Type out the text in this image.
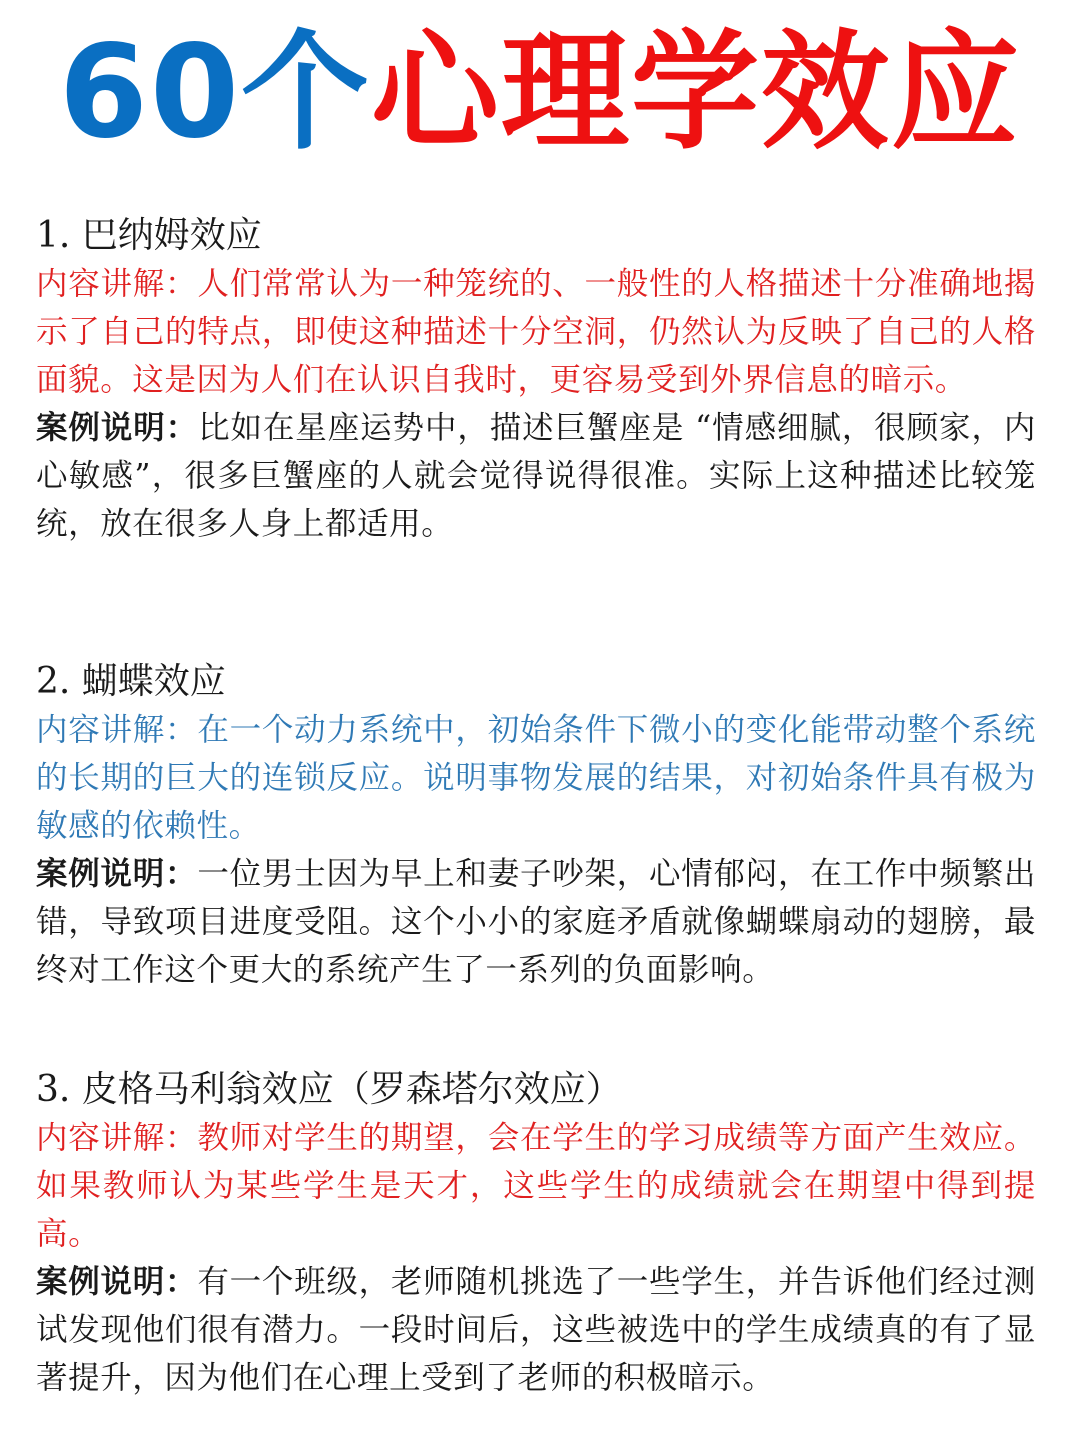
60个心理学效应
1. 巴纳姆效应
内容讲解：人们常常认为一种笼统的、一般性的人格描述十分准确地揭示了自己的特点，即使这种描述十分空洞，仍然认为反映了自己的人格面貌。这是因为人们在认识自我时，更容易受到外界信息的暗示。
案例说明：比如在星座运势中，描述巨蟹座是 “情感细腻，很顾家，内心敏感”，很多巨蟹座的人就会觉得说得很准。实际上这种描述比较笼统，放在很多人身上都适用。
2. 蝴蝶效应
内容讲解：在一个动力系统中，初始条件下微小的变化能带动整个系统的长期的巨大的连锁反应。说明事物发展的结果，对初始条件具有极为敏感的依赖性。
案例说明：一位男士因为早上和妻子吵架，心情郁闷，在工作中频繁出错，导致项目进度受阻。这个小小的家庭矛盾就像蝴蝶扇动的翅膀，最终对工作这个更大的系统产生了一系列的负面影响。
3. 皮格马利翁效应（罗森塔尔效应）
内容讲解：教师对学生的期望，会在学生的学习成绩等方面产生效应。如果教师认为某些学生是天才，这些学生的成绩就会在期望中得到提高。
案例说明：有一个班级，老师随机挑选了一些学生，并告诉他们经过测试发现他们很有潜力。一段时间后，这些被选中的学生成绩真的有了显著提升，因为他们在心理上受到了老师的积极暗示。
